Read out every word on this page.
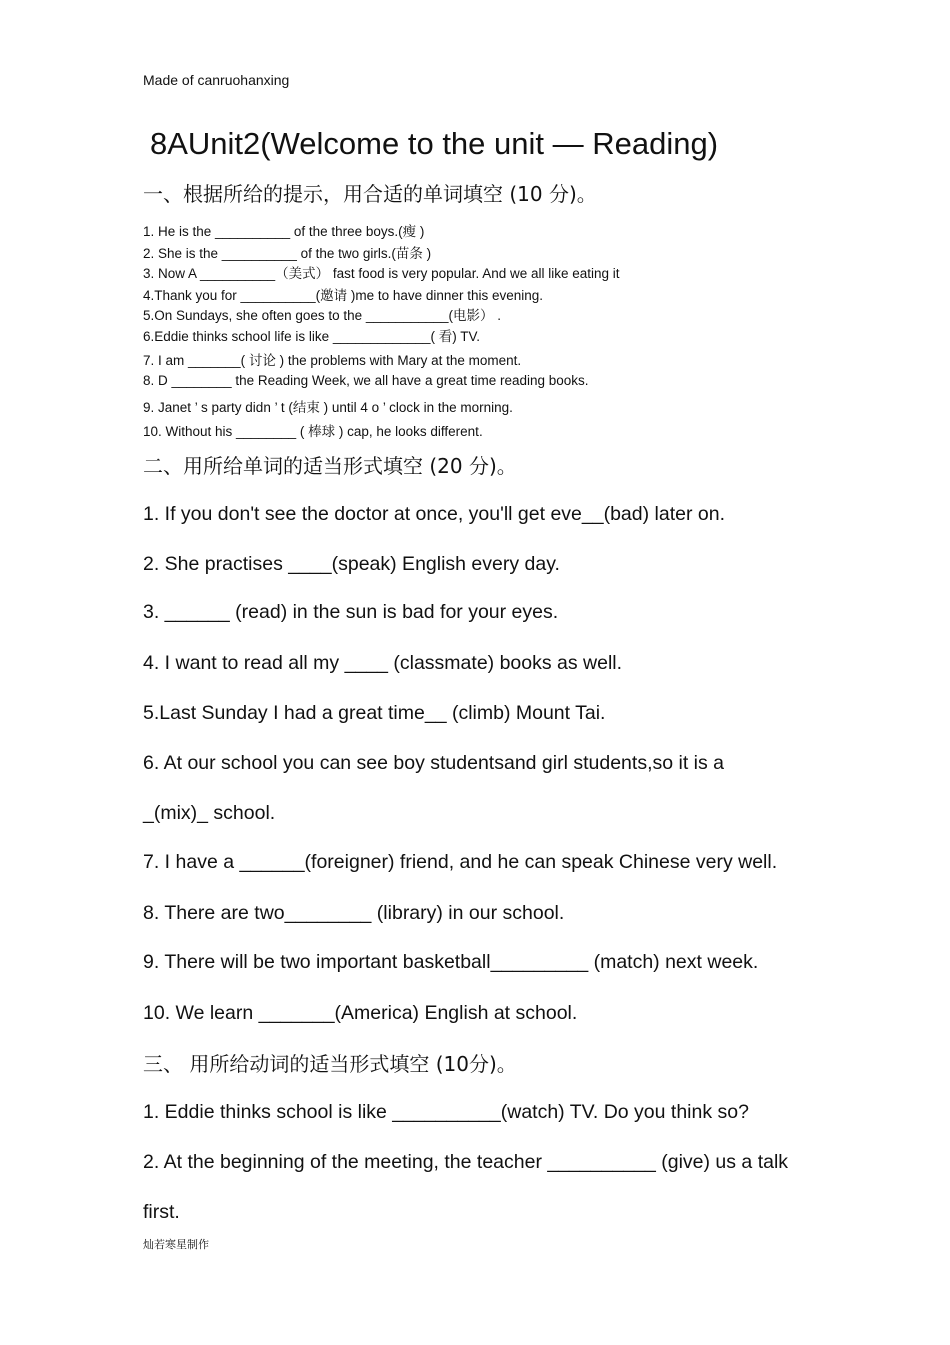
Made of canruohanxing
8AUnit2(Welcome to the unit — Reading)
一、根据所给的提示，用合适的单词填空 (10 分)。
1. He is the __________ of the three boys.(瘦 )
2. She is the __________ of the two girls.(苗条 )
3. Now A __________（美式） fast food is very popular. And we all like eating it
4.Thank you for __________(邀请 )me to have dinner this evening.
5.On Sundays, she often goes to the ___________(电影） .
6.Eddie thinks school life is like _____________( 看) TV.
7. I am _______( 讨论 ) the problems with Mary at the moment.
8. D ________ the Reading Week, we all have a great time reading books.
9. Janet ’ s party didn ’ t (结束 ) until 4 o ’ clock in the morning.
10. Without his ________ ( 棒球 ) cap, he looks different.
二、用所给单词的适当形式填空 (20 分)。
1. If you don't see the doctor at once, you'll get eve__(bad) later on.
2. She practises ____(speak) English every day.
3. ______ (read) in the sun is bad for your eyes.
4. I want to read all my ____ (classmate) books as well.
5.Last Sunday I had a great time__ (climb) Mount Tai.
6. At our school you can see boy studentsand girl students,so it is a
_(mix)_ school.
7. I have a ______(foreigner) friend, and he can speak Chinese very well.
8. There are two________ (library) in our school.
9. There will be two important basketball_________ (match) next week.
10. We learn _______(America) English at school.
三、 用所给动词的适当形式填空 (10分)。
1. Eddie thinks school is like __________(watch) TV. Do you think so?
2. At the beginning of the meeting, the teacher __________ (give) us a talk
first.
灿若寒星制作
